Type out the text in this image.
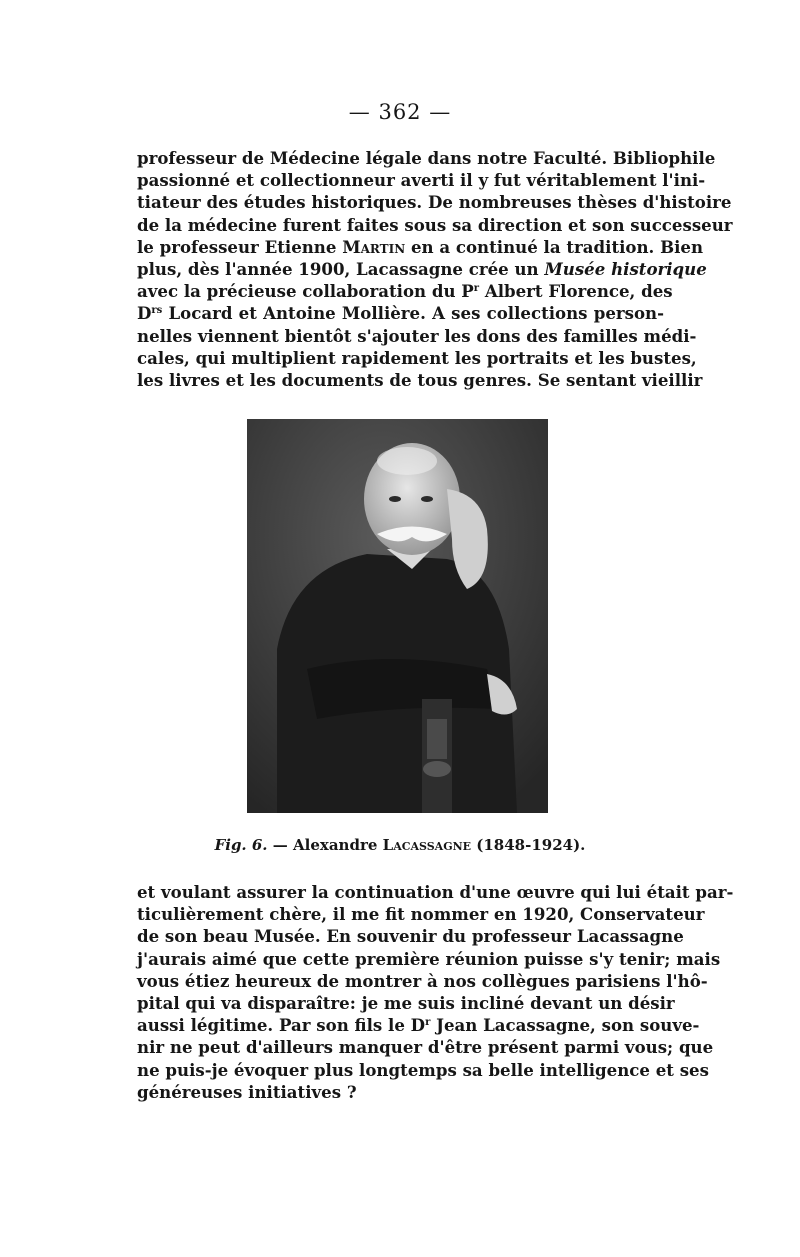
— 362 —
professeur de Médecine légale dans notre Faculté. Bibliophile
passionné et collectionneur averti il y fut véritablement l'ini-
tiateur des études historiques. De nombreuses thèses d'histoire
de la médecine furent faites sous sa direction et son successeur
le professeur Etienne Martin en a continué la tradition. Bien
plus, dès l'année 1900, Lacassagne crée un Musée historique
avec la précieuse collaboration du $P^r$ Albert Florence, des
$D^{rs}$ Locard et Antoine Mollière. A ses collections person-
nelles viennent bientôt s'ajouter les dons des familles médi-
cales, qui multiplient rapidement les portraits et les bustes,
les livres et les documents de tous genres. Se sentant vieillir
Fig. 6. — Alexandre Lacassagne (1848-1924).
et voulant assurer la continuation d'une œuvre qui lui était par-
ticulièrement chère, il me fit nommer en 1920, Conservateur
de son beau Musée. En souvenir du professeur Lacassagne
j'aurais aimé que cette première réunion puisse s'y tenir; mais
vous étiez heureux de montrer à nos collègues parisiens l'hô-
pital qui va disparaître: je me suis incliné devant un désir
aussi légitime. Par son fils le $D^r$ Jean Lacassagne, son souve-
nir ne peut d'ailleurs manquer d'être présent parmi vous; que
ne puis-je évoquer plus longtemps sa belle intelligence et ses
généreuses initiatives ?
